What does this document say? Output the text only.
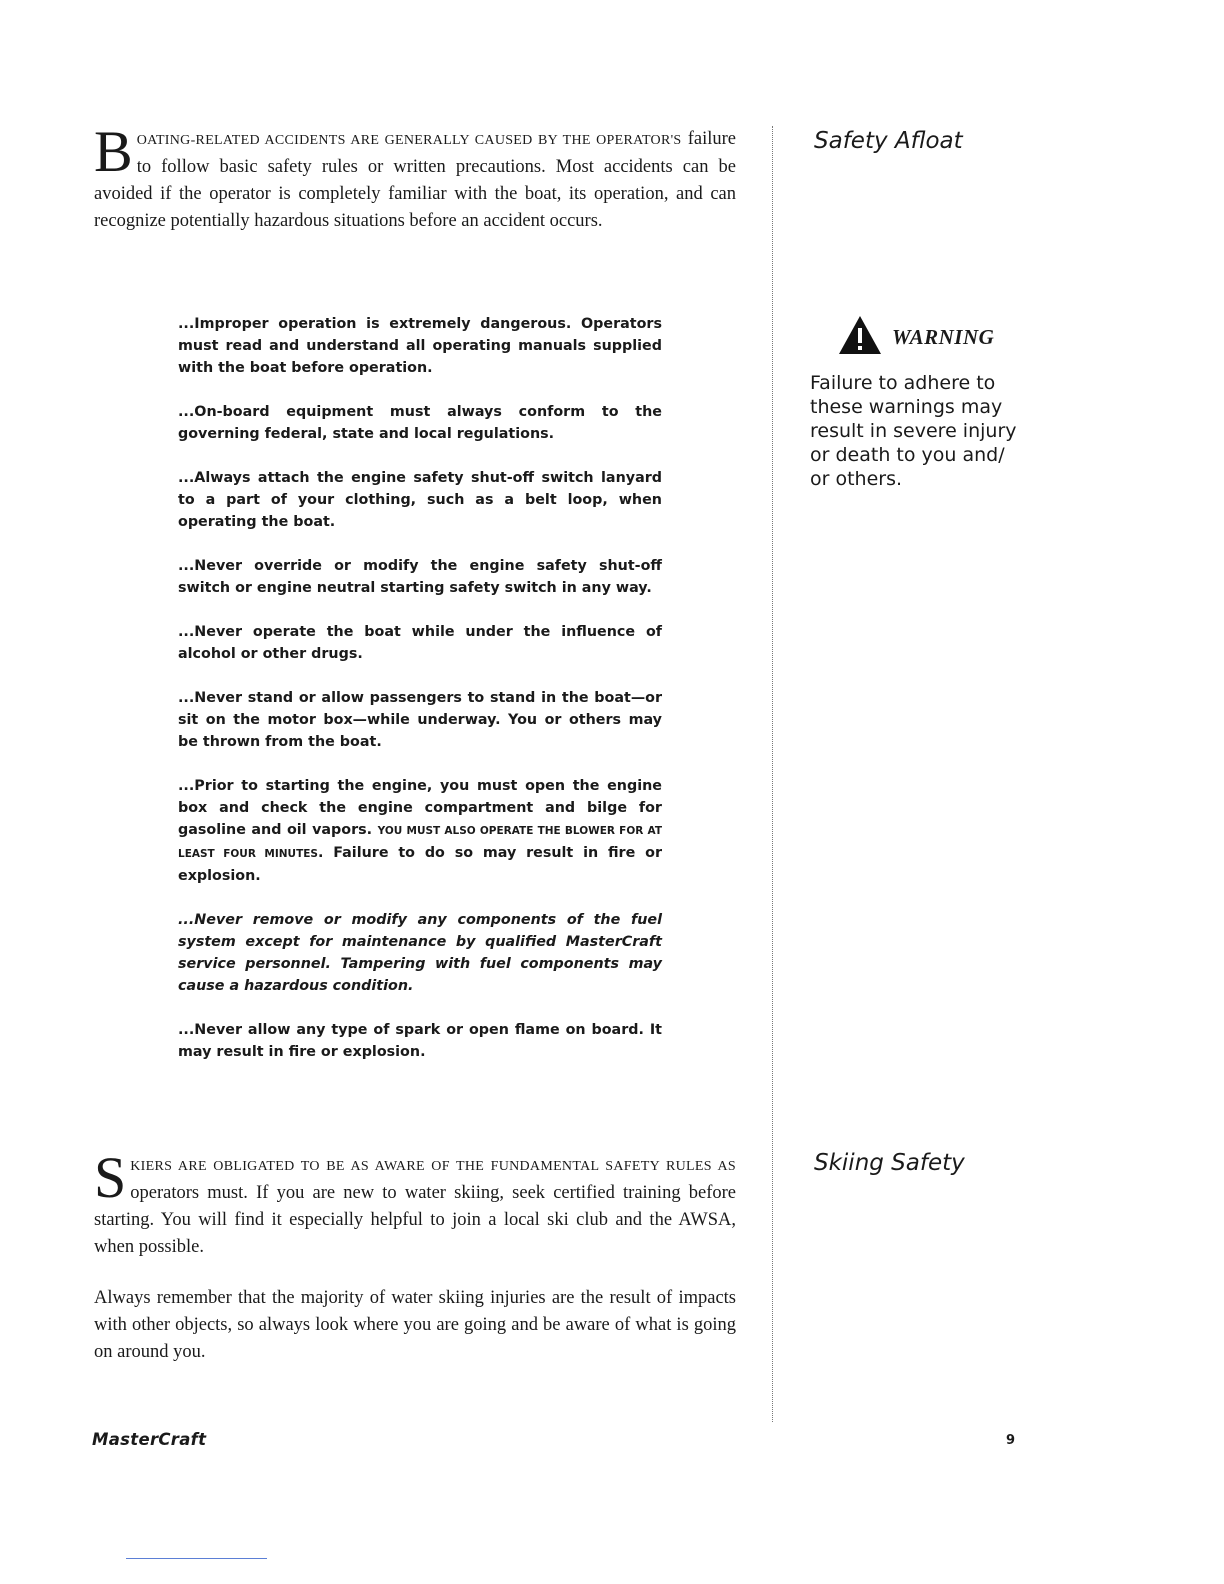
BOATING-RELATED ACCIDENTS ARE GENERALLY CAUSED BY THE OPERATOR'S failure to follow basic safety rules or written precautions. Most accidents can be avoided if the operator is completely familiar with the boat, its operation, and can recognize potentially hazardous situations before an accident occurs.

...Improper operation is extremely dangerous. Operators must read and understand all operating manuals supplied with the boat before operation.
...On-board equipment must always conform to the governing federal, state and local regulations.
...Always attach the engine safety shut-off switch lanyard to a part of your clothing, such as a belt loop, when operating the boat.
...Never override or modify the engine safety shut-off switch or engine neutral starting safety switch in any way.
...Never operate the boat while under the influence of alcohol or other drugs.
...Never stand or allow passengers to stand in the boat—or sit on the motor box—while underway. You or others may be thrown from the boat.
...Prior to starting the engine, you must open the engine box and check the engine compartment and bilge for gasoline and oil vapors. YOU MUST ALSO OPERATE THE BLOWER FOR AT LEAST FOUR MINUTES. Failure to do so may result in fire or explosion.
...Never remove or modify any components of the fuel system except for maintenance by qualified MasterCraft service personnel. Tampering with fuel components may cause a hazardous condition.
...Never allow any type of spark or open flame on board. It may result in fire or explosion.

SKIERS ARE OBLIGATED TO BE AS AWARE OF THE FUNDAMENTAL SAFETY RULES AS operators must. If you are new to water skiing, seek certified training before starting. You will find it especially helpful to join a local ski club and the AWSA, when possible.

Always remember that the majority of water skiing injuries are the result of impacts with other objects, so always look where you are going and be aware of what is going on around you.

Safety Afloat
WARNING

Failure to adhere to these warnings may result in severe injury or death to you and/ or others.

Skiing Safety
MasterCraft	9
